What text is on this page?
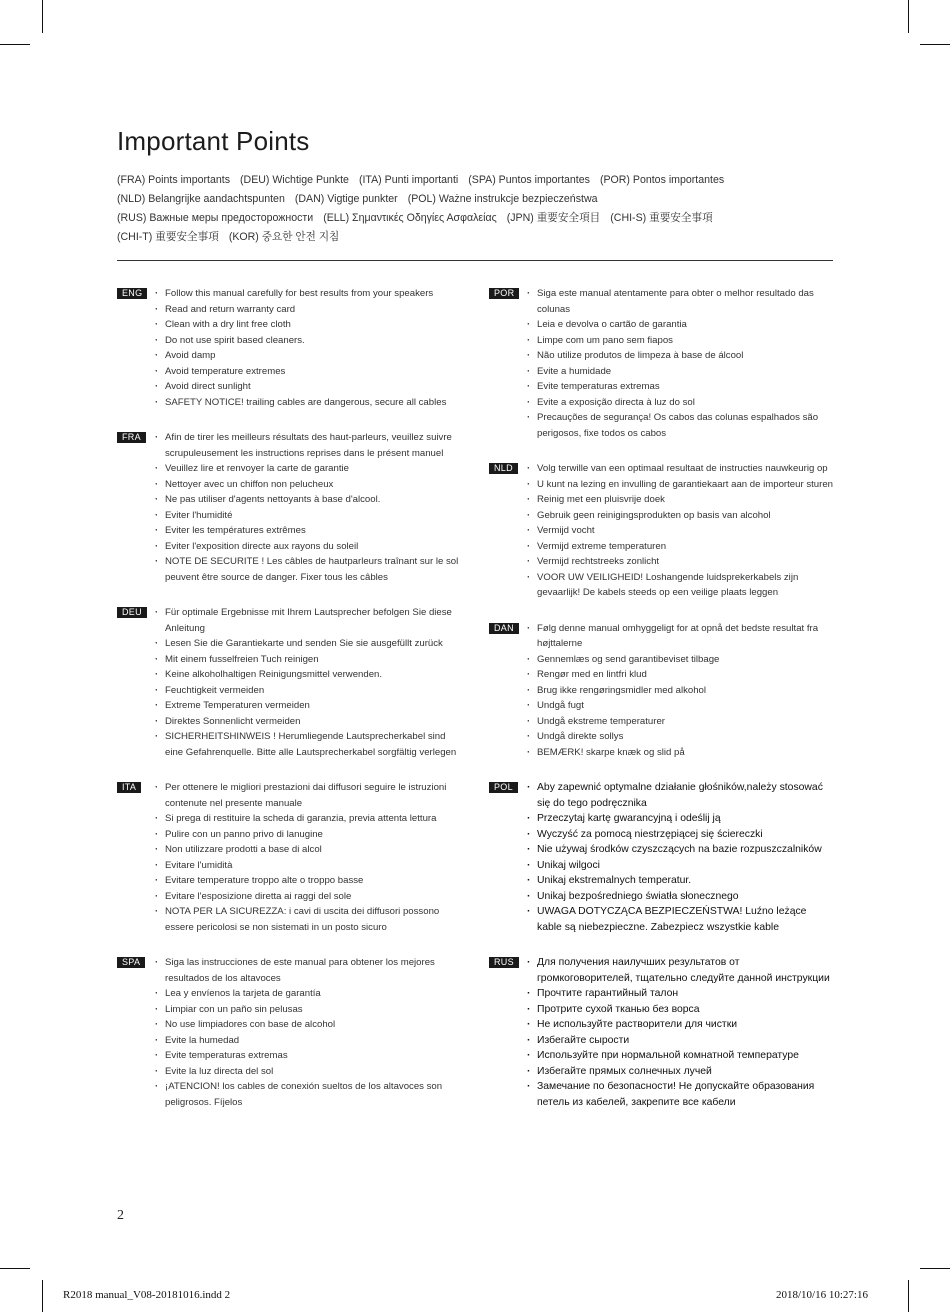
Important Points
(FRA) Points importants (DEU) Wichtige Punkte (ITA) Punti importanti (SPA) Puntos importantes (POR) Pontos importantes
(NLD) Belangrijke aandachtspunten (DAN) Vigtige punkter (POL) Ważne instrukcje bezpieczeństwa
(RUS) Важные меры предосторожности (ELL) Σημαντικές Οδηγίες Ασφαλείας (JPN) 重要安全項目 (CHI-S) 重要安全事項
(CHI-T) 重要安全事項 (KOR) 중요한 안전 지침
ENG	· Follow this manual carefully for best results from your speakers
· Read and return warranty card
· Clean with a dry lint free cloth
· Do not use spirit based cleaners.
· Avoid damp
· Avoid temperature extremes
· Avoid direct sunlight
· SAFETY NOTICE! trailing cables are dangerous, secure all cables
FRA	· Afin de tirer les meilleurs résultats des haut-parleurs, veuillez suivre scrupuleusement les instructions reprises dans le présent manuel
· Veuillez lire et renvoyer la carte de garantie
· Nettoyer avec un chiffon non pelucheux
· Ne pas utiliser d'agents nettoyants à base d'alcool.
· Eviter l'humidité
· Eviter les températures extrêmes
· Eviter l'exposition directe aux rayons du soleil
· NOTE DE SECURITE ! Les câbles de hautparleurs traînant sur le sol peuvent être source de danger. Fixer tous les câbles
DEU	· Für optimale Ergebnisse mit Ihrem Lautsprecher befolgen Sie diese Anleitung
· Lesen Sie die Garantiekarte und senden Sie sie ausgefüllt zurück
· Mit einem fusselfreien Tuch reinigen
· Keine alkoholhaltigen Reinigungsmittel verwenden.
· Feuchtigkeit vermeiden
· Extreme Temperaturen vermeiden
· Direktes Sonnenlicht vermeiden
· SICHERHEITSHINWEIS ! Herumliegende Lautsprecherkabel sind eine Gefahrenquelle. Bitte alle Lautsprecherkabel sorgfältig verlegen
ITA	· Per ottenere le migliori prestazioni dai diffusori seguire le istruzioni contenute nel presente manuale
· Si prega di restituire la scheda di garanzia, previa attenta lettura
· Pulire con un panno privo di lanugine
· Non utilizzare prodotti a base di alcol
· Evitare l'umidità
· Evitare temperature troppo alte o troppo basse
· Evitare l'esposizione diretta ai raggi del sole
· NOTA PER LA SICUREZZA: i cavi di uscita dei diffusori possono essere pericolosi se non sistemati in un posto sicuro
SPA	· Siga las instrucciones de este manual para obtener los mejores resultados de los altavoces
· Lea y envíenos la tarjeta de garantía
· Limpiar con un paño sin pelusas
· No use limpiadores con base de alcohol
· Evite la humedad
· Evite temperaturas extremas
· Evite la luz directa del sol
· ¡ATENCION! los cables de conexión sueltos de los altavoces son peligrosos. Fíjelos
POR	· Siga este manual atentamente para obter o melhor resultado das colunas
· Leia e devolva o cartão de garantia
· Limpe com um pano sem fiapos
· Não utilize produtos de limpeza à base de álcool
· Evite a humidade
· Evite temperaturas extremas
· Evite a exposição directa à luz do sol
· Precauções de segurança! Os cabos das colunas espalhados são perigosos, fixe todos os cabos
NLD	· Volg terwille van een optimaal resultaat de instructies nauwkeurig op
· U kunt na lezing en invulling de garantiekaart aan de importeur sturen
· Reinig met een pluisvrije doek
· Gebruik geen reinigingsprodukten op basis van alcohol
· Vermijd vocht
· Vermijd extreme temperaturen
· Vermijd rechtstreeks zonlicht
· VOOR UW VEILIGHEID! Loshangende luidsprekerkabels zijn gevaarlijk! De kabels steeds op een veilige plaats leggen
DAN	· Følg denne manual omhyggeligt for at opnå det bedste resultat fra højttalerne
· Gennemlæs og send garantibeviset tilbage
· Rengør med en lintfri klud
· Brug ikke rengøringsmidler med alkohol
· Undgå fugt
· Undgå ekstreme temperaturer
· Undgå direkte sollys
· BEMÆRK! skarpe knæk og slid på
POL	· Aby zapewnić optymalne działanie głośników,należy stosować się do tego podręcznika
· Przeczytaj kartę gwarancyjną i odeślij ją
· Wyczyść za pomocą niestrzępiącej się ściereczki
· Nie używaj środków czyszczących na bazie rozpuszczalników
· Unikaj wilgoci
· Unikaj ekstremalnych temperatur.
· Unikaj bezpośredniego światła słonecznego
· UWAGA DOTYCZĄCA BEZPIECZEŃSTWA! Luźno leżące kable są niebezpieczne. Zabezpiecz wszystkie kable
RUS	· Для получения наилучших результатов от громкоговорителей, тщательно следуйте данной инструкции
· Прочтите гарантийный талон
· Протрите сухой тканью без ворса
· Не используйте растворители для чистки
· Избегайте сырости
· Используйте при нормальной комнатной температуре
· Избегайте прямых солнечных лучей
· Замечание по безопасности! Не допускайте образования петель из кабелей, закрепите все кабели
2
R2018 manual_V08-20181016.indd 2	2018/10/16 10:27:16
